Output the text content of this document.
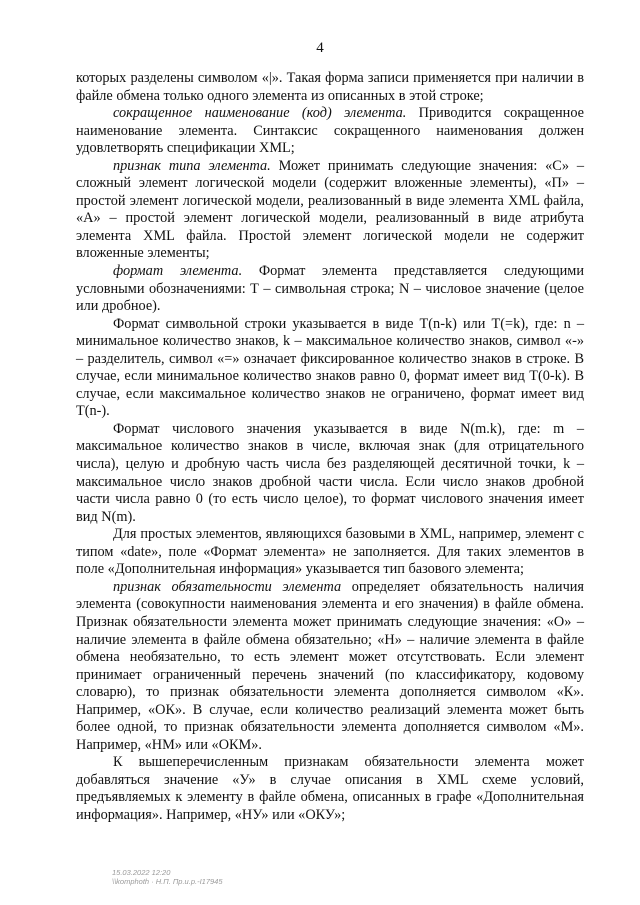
4

которых разделены символом «|». Такая форма записи применяется при наличии в файле обмена только одного элемента из описанных в этой строке;

сокращенное наименование (код) элемента. Приводится сокращенное наименование элемента. Синтаксис сокращенного наименования должен удовлетворять спецификации XML;

признак типа элемента. Может принимать следующие значения: «С» – сложный элемент логической модели (содержит вложенные элементы), «П» – простой элемент логической модели, реализованный в виде элемента XML файла, «А» – простой элемент логической модели, реализованный в виде атрибута элемента XML файла. Простой элемент логической модели не содержит вложенные элементы;

формат элемента. Формат элемента представляется следующими условными обозначениями: Т – символьная строка; N – числовое значение (целое или дробное).

Формат символьной строки указывается в виде Т(n-k) или Т(=k), где: n – минимальное количество знаков, k – максимальное количество знаков, символ «-» – разделитель, символ «=» означает фиксированное количество знаков в строке. В случае, если минимальное количество знаков равно 0, формат имеет вид Т(0-k). В случае, если максимальное количество знаков не ограничено, формат имеет вид Т(n-).

Формат числового значения указывается в виде N(m.k), где: m – максимальное количество знаков в числе, включая знак (для отрицательного числа), целую и дробную часть числа без разделяющей десятичной точки, k – максимальное число знаков дробной части числа. Если число знаков дробной части числа равно 0 (то есть число целое), то формат числового значения имеет вид N(m).

Для простых элементов, являющихся базовыми в XML, например, элемент с типом «date», поле «Формат элемента» не заполняется. Для таких элементов в поле «Дополнительная информация» указывается тип базового элемента;

признак обязательности элемента определяет обязательность наличия элемента (совокупности наименования элемента и его значения) в файле обмена. Признак обязательности элемента может принимать следующие значения: «О» – наличие элемента в файле обмена обязательно; «Н» – наличие элемента в файле обмена необязательно, то есть элемент может отсутствовать. Если элемент принимает ограниченный перечень значений (по классификатору, кодовому словарю), то признак обязательности элемента дополняется символом «К». Например, «ОК». В случае, если количество реализаций элемента может быть более одной, то признак обязательности элемента дополняется символом «М». Например, «НМ» или «ОКМ».

К вышеперечисленным признакам обязательности элемента может добавляться значение «У» в случае описания в XML схеме условий, предъявляемых к элементу в файле обмена, описанных в графе «Дополнительная информация». Например, «НУ» или «ОКУ»;

15.03.2022 12:20
\\komphoth · Н.П. Пр.и.р.-I17945
